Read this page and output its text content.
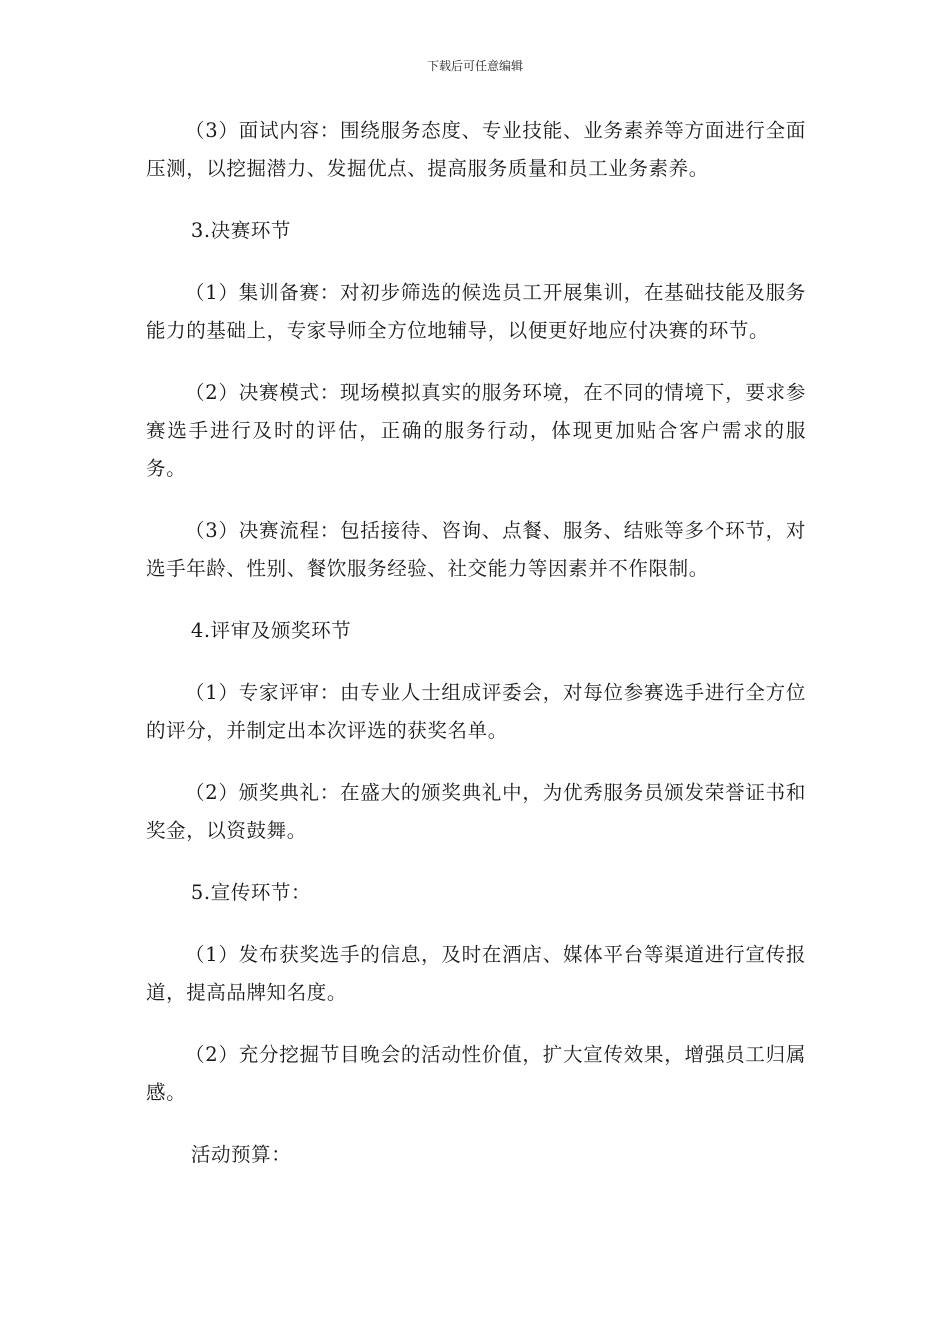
下载后可任意编辑

（3）面试内容：围绕服务态度、专业技能、业务素养等方面进行全面压测，以挖掘潜力、发掘优点、提高服务质量和员工业务素养。

3.决赛环节

（1）集训备赛：对初步筛选的候选员工开展集训，在基础技能及服务能力的基础上，专家导师全方位地辅导，以便更好地应付决赛的环节。

（2）决赛模式：现场模拟真实的服务环境，在不同的情境下，要求参赛选手进行及时的评估，正确的服务行动，体现更加贴合客户需求的服务。

（3）决赛流程：包括接待、咨询、点餐、服务、结账等多个环节，对选手年龄、性别、餐饮服务经验、社交能力等因素并不作限制。

4.评审及颁奖环节

（1）专家评审：由专业人士组成评委会，对每位参赛选手进行全方位的评分，并制定出本次评选的获奖名单。

（2）颁奖典礼：在盛大的颁奖典礼中，为优秀服务员颁发荣誉证书和奖金，以资鼓舞。

5.宣传环节：

（1）发布获奖选手的信息，及时在酒店、媒体平台等渠道进行宣传报道，提高品牌知名度。

（2）充分挖掘节目晚会的活动性价值，扩大宣传效果，增强员工归属感。

活动预算：
